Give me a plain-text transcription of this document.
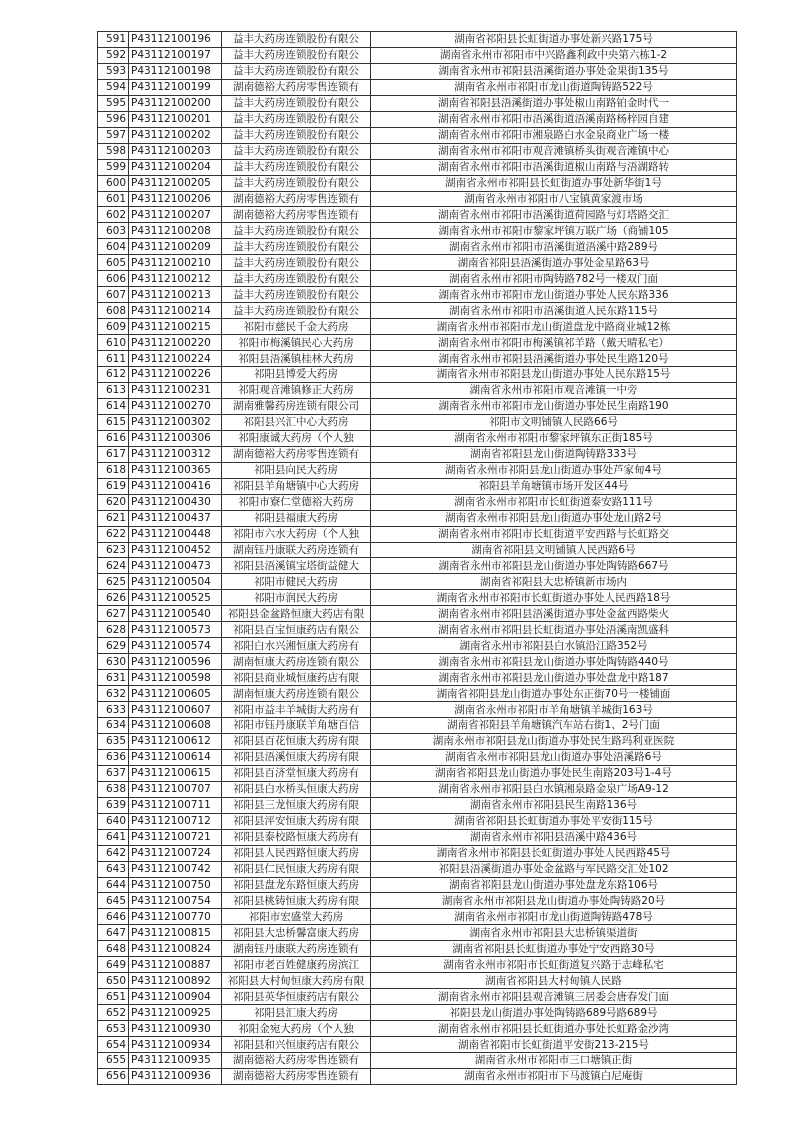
591	P43112100196	益丰大药房连锁股份有限公	湖南省祁阳县长虹街道办事处新兴路175号
592	P43112100197	益丰大药房连锁股份有限公	湖南省永州市祁阳市中兴路鑫利政中央第六栋1-2
593	P43112100198	益丰大药房连锁股份有限公	湖南省永州市祁阳县浯溪街道办事处金果街135号
594	P43112100199	湖南德裕大药房零售连锁有	湖南省永州市祁阳市龙山街道陶铸路522号
595	P43112100200	益丰大药房连锁股份有限公	湖南省祁阳县浯溪街道办事处椒山南路铂金时代一
596	P43112100201	益丰大药房连锁股份有限公	湖南省永州市祁阳市浯溪街道浯溪南路杨梓园自建
597	P43112100202	益丰大药房连锁股份有限公	湖南省永州市祁阳市湘泉路白水金泉商业广场一楼
598	P43112100203	益丰大药房连锁股份有限公	湖南省永州市祁阳市观音滩镇桥头街观音滩镇中心
599	P43112100204	益丰大药房连锁股份有限公	湖南省永州市祁阳市浯溪街道椒山南路与浯湖路转
600	P43112100205	益丰大药房连锁股份有限公	湖南省永州市祁阳县长虹街道办事处新华街1号
601	P43112100206	湖南德裕大药房零售连锁有	湖南省永州市祁阳市八宝镇黄家渡市场
602	P43112100207	湖南德裕大药房零售连锁有	湖南省永州市祁阳市浯溪街道荷园路与灯塔路交汇
603	P43112100208	益丰大药房连锁股份有限公	湖南省永州市祁阳市黎家坪镇万联广场（商铺105
604	P43112100209	益丰大药房连锁股份有限公	湖南省永州市祁阳市浯溪街道浯溪中路289号
605	P43112100210	益丰大药房连锁股份有限公	湖南省祁阳县浯溪街道办事处金星路63号
606	P43112100212	益丰大药房连锁股份有限公	湖南省永州市祁阳市陶铸路782号一楼双门面
607	P43112100213	益丰大药房连锁股份有限公	湖南省永州市祁阳市龙山街道办事处人民东路336
608	P43112100214	益丰大药房连锁股份有限公	湖南省永州市祁阳市浯溪街道人民东路115号
609	P43112100215	祁阳市慈民千金大药房	湖南省永州市祁阳市龙山街道盘龙中路商业城12栋
610	P43112100220	祁阳市梅溪镇民心大药房	湖南省永州市祁阳市梅溪镇祁羊路（戴天晴私宅）
611	P43112100224	祁阳县浯溪镇桂林大药房	湖南省永州市祁阳县浯溪街道办事处民生路120号
612	P43112100226	祁阳县博爱大药房	湖南省永州市祁阳县龙山街道办事处人民东路15号
613	P43112100231	祁阳观音滩镇修正大药房	湖南省永州市祁阳市观音滩镇一中旁
614	P43112100270	湖南雅馨药房连锁有限公司	湖南省永州市祁阳市龙山街道办事处民生南路190
615	P43112100302	祁阳县兴汇中心大药房	祁阳市文明铺镇人民路66号
616	P43112100306	祁阳康诚大药房（个人独	湖南省永州市祁阳市黎家坪镇东正街185号
617	P43112100312	湖南德裕大药房零售连锁有	湖南省祁阳县龙山街道陶铸路333号
618	P43112100365	祁阳县向民大药房	湖南省永州市祁阳县龙山街道办事处芦家甸4号
619	P43112100416	祁阳县羊角塘镇中心大药房	祁阳县羊角塘镇市场开发区44号
620	P43112100430	祁阳市寮仁堂德裕大药房	湖南省永州市祁阳市长虹街道泰安路111号
621	P43112100437	祁阳县福康大药房	湖南省永州市祁阳县龙山街道办事处龙山路2号
622	P43112100448	祁阳市六水大药房（个人独	湖南省永州市祁阳市长虹街道平安西路与长虹路交
623	P43112100452	湖南钰丹康联大药房连锁有	湖南省祁阳县文明铺镇人民西路6号
624	P43112100473	祁阳县浯溪镇宝塔街益健大	湖南省永州市祁阳县龙山街道办事处陶铸路667号
625	P43112100504	祁阳市健民大药房	湖南省祁阳县大忠桥镇新市场内
626	P43112100525	祁阳市润民大药房	湖南省永州市祁阳市长虹街道办事处人民西路18号
627	P43112100540	祁阳县金盆路恒康大药店有限	湖南省永州市祁阳县浯溪街道办事处金盆西路柴火
628	P43112100573	祁阳县百宝恒康药店有限公	湖南省永州市祁阳县长虹街道办事处浯溪南凯盛科
629	P43112100574	祁阳白水兴湘恒康大药房有	湖南省永州市祁阳县白水镇沿江路352号
630	P43112100596	湖南恒康大药房连锁有限公	湖南省永州市祁阳县龙山街道办事处陶铸路440号
631	P43112100598	祁阳县商业城恒康药店有限	湖南省永州市祁阳县龙山街道办事处盘龙中路187
632	P43112100605	湖南恒康大药房连锁有限公	湖南省祁阳县龙山街道办事处东正街70号一楼铺面
633	P43112100607	祁阳市益丰羊城街大药房有	湖南省永州市祁阳市羊角塘镇羊城街163号
634	P43112100608	祁阳市钰丹康联羊角塘百信	湖南省祁阳县羊角塘镇汽车站右街1、2号门面
635	P43112100612	祁阳县百花恒康大药房有限	湖南永州市祁阳县龙山街道办事处民生路玛利亚医院
636	P43112100614	祁阳县浯溪恒康大药房有限	湖南省永州市祁阳县龙山街道办事处浯溪路6号
637	P43112100615	祁阳县百济堂恒康大药房有	湖南省祁阳县龙山街道办事处民生南路203号1-4号
638	P43112100707	祁阳县白水桥头恒康大药房	湖南省永州市祁阳县白水镇湘泉路金泉广场A9-12
639	P43112100711	祁阳县三龙恒康大药房有限	湖南省永州市祁阳县民生南路136号
640	P43112100712	祁阳县泙安恒康大药房有限	湖南省祁阳县长虹街道办事处平安街115号
641	P43112100721	祁阳县泰校路恒康大药房有	湖南省永州市祁阳县浯溪中路436号
642	P43112100724	祁阳县人民西路恒康大药房	湖南省永州市祁阳县长虹街道办事处人民西路45号
643	P43112100742	祁阳县仁民恒康大药房有限	祁阳县浯溪街道办事处金盆路与军民路交汇处102
644	P43112100750	祁阳县盘龙东路恒康大药房	湖南省祁阳县龙山街道办事处盘龙东路106号
645	P43112100754	祁阳县桃铸恒康大药房有限	湖南省永州市祁阳县龙山街道办事处陶铸路20号
646	P43112100770	祁阳市宏盛堂大药房	湖南省永州市祁阳市龙山街道陶铸路478号
647	P43112100815	祁阳县大忠桥馨富康大药房	湖南省永州市祁阳县大忠桥镇渠道街
648	P43112100824	湖南钰丹康联大药房连锁有	湖南省祁阳县长虹街道办事处宁安西路30号
649	P43112100887	祁阳市老百姓健康药房滨江	湖南省永州市祁阳市长虹街道复兴路于志峰私宅
650	P43112100892	祁阳县大村甸恒康大药房有限	湖南省祁阳县大村甸镇人民路
651	P43112100904	祁阳县英华恒康药店有限公	湖南省永州市祁阳县观音滩镇三居委会唐春发门面
652	P43112100925	祁阳县汇康大药房	祁阳县龙山街道办事处陶铸路689号路689号
653	P43112100930	祁阳金宛大药房（个人独	湖南省永州市祁阳县长虹街道办事处长虹路金沙湾
654	P43112100934	祁阳县和兴恒康药店有限公	湖南省祁阳市长虹街道平安街213-215号
655	P43112100935	湖南德裕大药房零售连锁有	湖南省永州市祁阳市三口塘镇正街
656	P43112100936	湖南德裕大药房零售连锁有	湖南省永州市祁阳市下马渡镇白尼庵街
